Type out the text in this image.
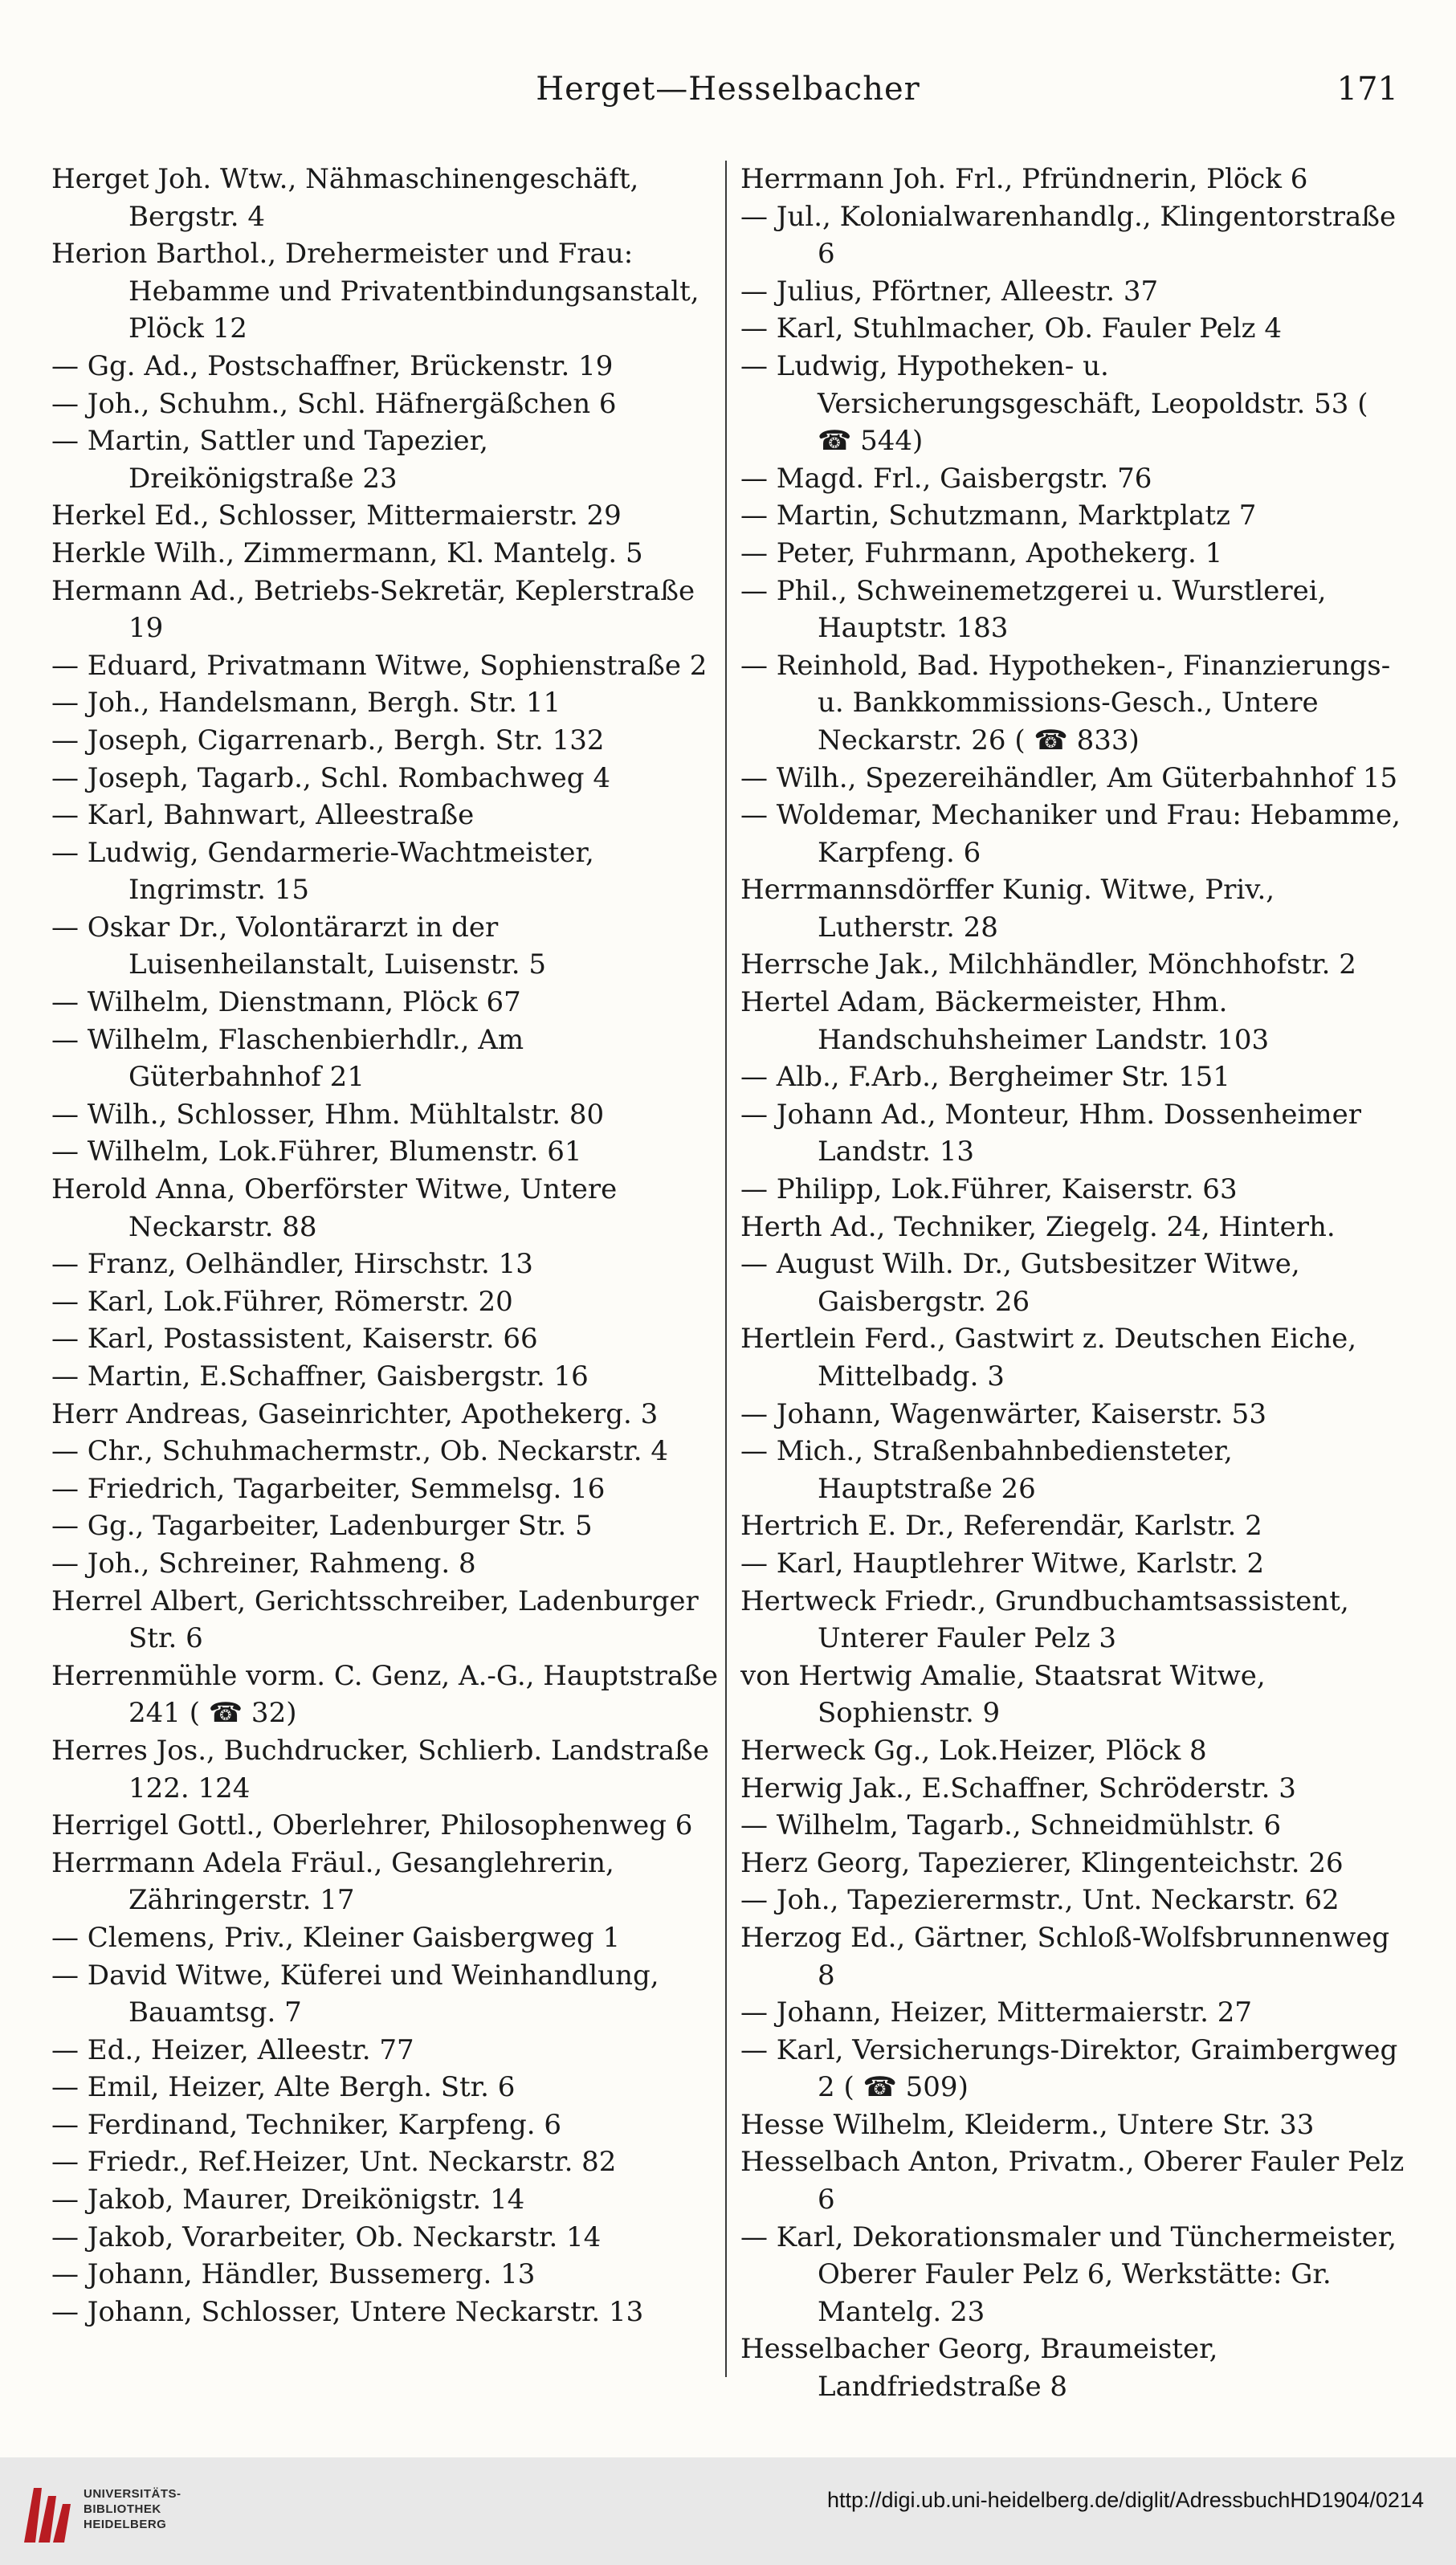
Herget—Hesselbacher	171

Herget Joh. Wtw., Nähmaschinengeschäft, Bergstr. 4

Herion Barthol., Drehermeister und Frau: Hebamme und Privatentbindungsanstalt, Plöck 12

— Gg. Ad., Postschaffner, Brückenstr. 19

— Joh., Schuhm., Schl. Häfnergäßchen 6

— Martin, Sattler und Tapezier, Dreikönigstraße 23

Herkel Ed., Schlosser, Mittermaierstr. 29

Herkle Wilh., Zimmermann, Kl. Mantelg. 5

Hermann Ad., Betriebs-Sekretär, Keplerstraße 19

— Eduard, Privatmann Witwe, Sophienstraße 2

— Joh., Handelsmann, Bergh. Str. 11

— Joseph, Cigarrenarb., Bergh. Str. 132

— Joseph, Tagarb., Schl. Rombachweg 4

— Karl, Bahnwart, Alleestraße

— Ludwig, Gendarmerie-Wachtmeister, Ingrimstr. 15

— Oskar Dr., Volontärarzt in der Luisenheilanstalt, Luisenstr. 5

— Wilhelm, Dienstmann, Plöck 67

— Wilhelm, Flaschenbierhdlr., Am Güterbahnhof 21

— Wilh., Schlosser, Hhm. Mühltalstr. 80

— Wilhelm, Lok.Führer, Blumenstr. 61

Herold Anna, Oberförster Witwe, Untere Neckarstr. 88

— Franz, Oelhändler, Hirschstr. 13

— Karl, Lok.Führer, Römerstr. 20

— Karl, Postassistent, Kaiserstr. 66

— Martin, E.Schaffner, Gaisbergstr. 16

Herr Andreas, Gaseinrichter, Apothekerg. 3

— Chr., Schuhmachermstr., Ob. Neckarstr. 4

— Friedrich, Tagarbeiter, Semmelsg. 16

— Gg., Tagarbeiter, Ladenburger Str. 5

— Joh., Schreiner, Rahmeng. 8

Herrel Albert, Gerichtsschreiber, Ladenburger Str. 6

Herrenmühle vorm. C. Genz, A.-G., Hauptstraße 241 ( ☎ 32)

Herres Jos., Buchdrucker, Schlierb. Landstraße 122. 124

Herrigel Gottl., Oberlehrer, Philosophenweg 6

Herrmann Adela Fräul., Gesanglehrerin, Zähringerstr. 17

— Clemens, Priv., Kleiner Gaisbergweg 1

— David Witwe, Küferei und Weinhandlung, Bauamtsg. 7

— Ed., Heizer, Alleestr. 77

— Emil, Heizer, Alte Bergh. Str. 6

— Ferdinand, Techniker, Karpfeng. 6

— Friedr., Ref.Heizer, Unt. Neckarstr. 82

— Jakob, Maurer, Dreikönigstr. 14

— Jakob, Vorarbeiter, Ob. Neckarstr. 14

— Johann, Händler, Bussemerg. 13

— Johann, Schlosser, Untere Neckarstr. 13

Herrmann Joh. Frl., Pfründnerin, Plöck 6

— Jul., Kolonialwarenhandlg., Klingentorstraße 6

— Julius, Pförtner, Alleestr. 37

— Karl, Stuhlmacher, Ob. Fauler Pelz 4

— Ludwig, Hypotheken- u. Versicherungsgeschäft, Leopoldstr. 53 ( ☎ 544)

— Magd. Frl., Gaisbergstr. 76

— Martin, Schutzmann, Marktplatz 7

— Peter, Fuhrmann, Apothekerg. 1

— Phil., Schweinemetzgerei u. Wurstlerei, Hauptstr. 183

— Reinhold, Bad. Hypotheken-, Finanzierungs- u. Bankkommissions-Gesch., Untere Neckarstr. 26 ( ☎ 833)

— Wilh., Spezereihändler, Am Güterbahnhof 15

— Woldemar, Mechaniker und Frau: Hebamme, Karpfeng. 6

Herrmannsdörffer Kunig. Witwe, Priv., Lutherstr. 28

Herrsche Jak., Milchhändler, Mönchhofstr. 2

Hertel Adam, Bäckermeister, Hhm. Handschuhsheimer Landstr. 103

— Alb., F.Arb., Bergheimer Str. 151

— Johann Ad., Monteur, Hhm. Dossenheimer Landstr. 13

— Philipp, Lok.Führer, Kaiserstr. 63

Herth Ad., Techniker, Ziegelg. 24, Hinterh.

— August Wilh. Dr., Gutsbesitzer Witwe, Gaisbergstr. 26

Hertlein Ferd., Gastwirt z. Deutschen Eiche, Mittelbadg. 3

— Johann, Wagenwärter, Kaiserstr. 53

— Mich., Straßenbahnbediensteter, Hauptstraße 26

Hertrich E. Dr., Referendär, Karlstr. 2

— Karl, Hauptlehrer Witwe, Karlstr. 2

Hertweck Friedr., Grundbuchamtsassistent, Unterer Fauler Pelz 3

von Hertwig Amalie, Staatsrat Witwe, Sophienstr. 9

Herweck Gg., Lok.Heizer, Plöck 8

Herwig Jak., E.Schaffner, Schröderstr. 3

— Wilhelm, Tagarb., Schneidmühlstr. 6

Herz Georg, Tapezierer, Klingenteichstr. 26

— Joh., Tapezierermstr., Unt. Neckarstr. 62

Herzog Ed., Gärtner, Schloß-Wolfsbrunnenweg 8

— Johann, Heizer, Mittermaierstr. 27

— Karl, Versicherungs-Direktor, Graimbergweg 2 ( ☎ 509)

Hesse Wilhelm, Kleiderm., Untere Str. 33

Hesselbach Anton, Privatm., Oberer Fauler Pelz 6

— Karl, Dekorationsmaler und Tünchermeister, Oberer Fauler Pelz 6, Werkstätte: Gr. Mantelg. 23

Hesselbacher Georg, Braumeister, Landfriedstraße 8

UNIVERSITÄTS-
BIBLIOTHEK
HEIDELBERG
http://digi.ub.uni-heidelberg.de/diglit/AdressbuchHD1904/0214
